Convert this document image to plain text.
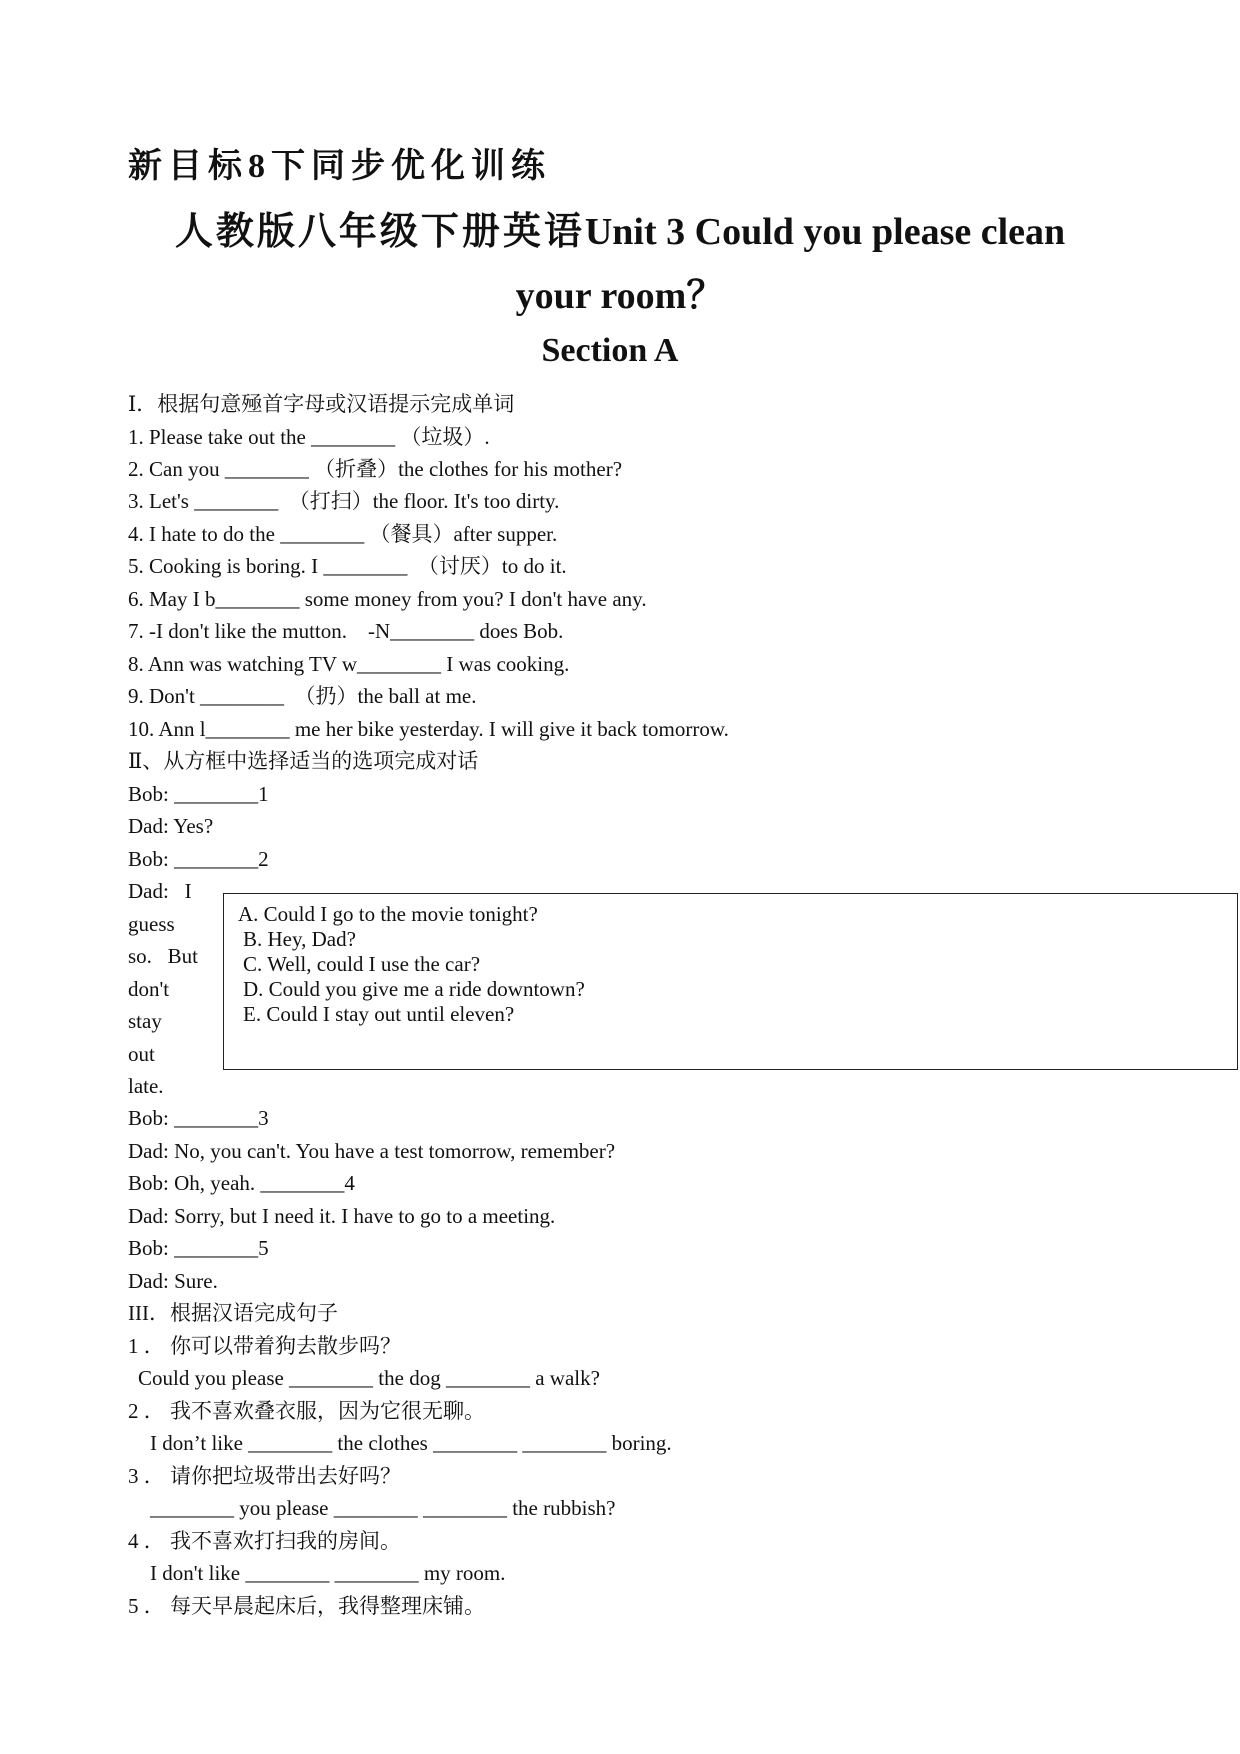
新目标8下同步优化训练
人教版八年级下册英语Unit 3 Could you please clean
your room？
Section A
Ⅰ．根据句意殛首字母或汉语提示完成单词
1. Please take out the ________ （垃圾）.
2. Can you ________ （折叠）the clothes for his mother?
3. Let's ________  （打扫）the floor. It's too dirty.
4. I hate to do the ________ （餐具）after supper.
5. Cooking is boring. I ________  （讨厌）to do it.
6. May I b________ some money from you? I don't have any.
7. -I don't like the mutton.    -N________ does Bob.
8. Ann was watching TV w________ I was cooking.
9. Don't ________  （扔）the ball at me.
10. Ann l________ me her bike yesterday. I will give it back tomorrow.
Ⅱ、从方框中选择适当的选项完成对话
Bob: ________1
Dad: Yes?
Bob: ________2
Dad:   I
guess
so.   But
don't
stay
out
late.
A. Could I go to the movie tonight?
B. Hey, Dad?
C. Well, could I use the car?
D. Could you give me a ride downtown?
E. Could I stay out until eleven?
Bob: ________3
Dad: No, you can't. You have a test tomorrow, remember?
Bob: Oh, yeah. ________4
Dad: Sorry, but I need it. I have to go to a meeting.
Bob: ________5
Dad: Sure.
III．根据汉语完成句子
1 ． 你可以带着狗去散步吗？
Could you please ________ the dog ________ a walk?
2 ． 我不喜欢叠衣服，因为它很无聊。
I don’t like ________ the clothes ________ ________ boring.
3 ． 请你把垃圾带出去好吗？
________ you please ________ ________ the rubbish?
4 ． 我不喜欢打扫我的房间。
I don't like ________ ________ my room.
5 ． 每天早晨起床后，我得整理床铺。
